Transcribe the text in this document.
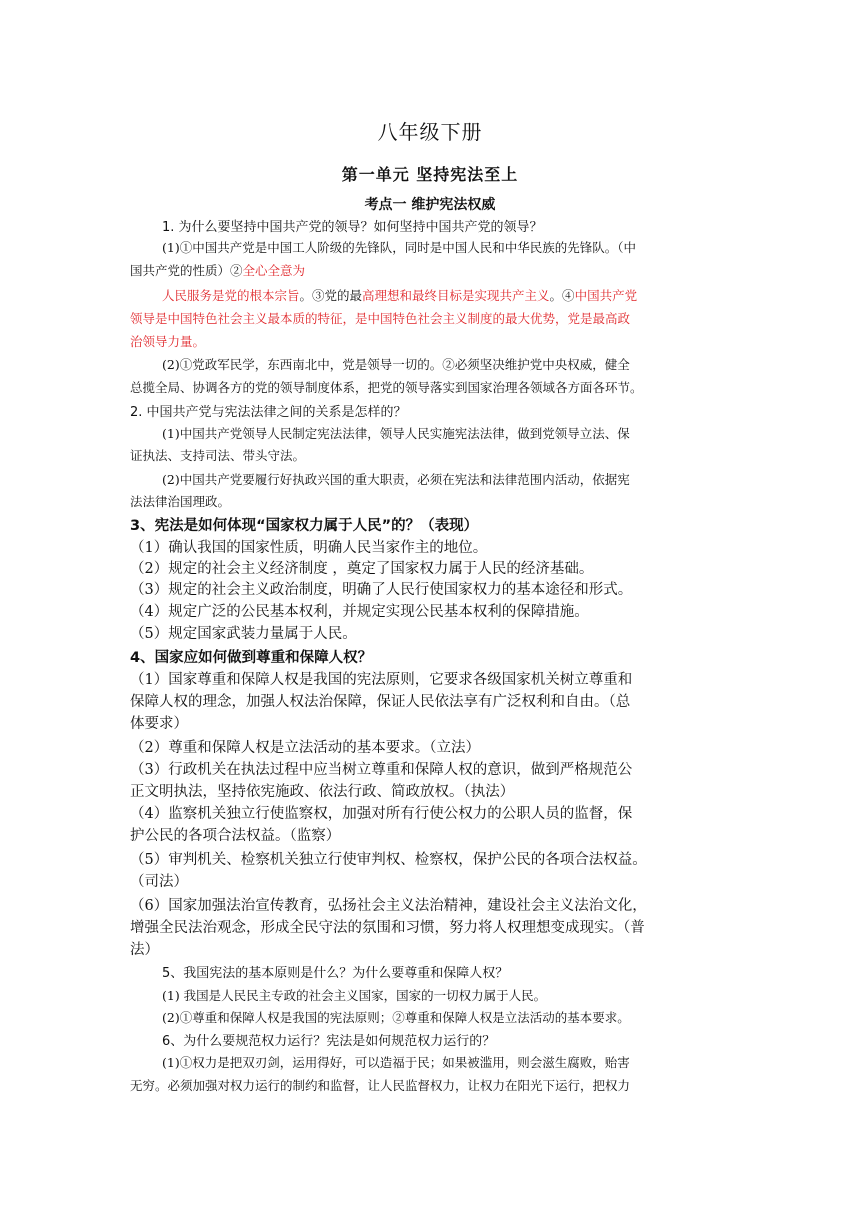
八年级下册
第一单元 坚持宪法至上
考点一 维护宪法权威
1. 为什么要坚持中国共产党的领导？如何坚持中国共产党的领导？
(1)①中国共产党是中国工人阶级的先锋队，同时是中国人民和中华民族的先锋队。（中
国共产党的性质）②全心全意为
人民服务是党的根本宗旨。③党的最高理想和最终目标是实现共产主义。④中国共产党
领导是中国特色社会主义最本质的特征，是中国特色社会主义制度的最大优势，党是最高政
治领导力量。
(2)①党政军民学，东西南北中，党是领导一切的。②必须坚决维护党中央权威，健全
总揽全局、协调各方的党的领导制度体系，把党的领导落实到国家治理各领域各方面各环节。
2. 中国共产党与宪法法律之间的关系是怎样的？
(1)中国共产党领导人民制定宪法法律，领导人民实施宪法法律，做到党领导立法、保
证执法、支持司法、带头守法。
(2)中国共产党要履行好执政兴国的重大职责，必须在宪法和法律范围内活动，依据宪
法法律治国理政。
3、宪法是如何体现“国家权力属于人民”的？（表现）
（1）确认我国的国家性质，明确人民当家作主的地位。
（2）规定的社会主义经济制度 ，奠定了国家权力属于人民的经济基础。
（3）规定的社会主义政治制度，明确了人民行使国家权力的基本途径和形式。
（4）规定广泛的公民基本权利，并规定实现公民基本权利的保障措施。
（5）规定国家武装力量属于人民。
4、国家应如何做到尊重和保障人权？
（1）国家尊重和保障人权是我国的宪法原则，它要求各级国家机关树立尊重和
保障人权的理念，加强人权法治保障，保证人民依法享有广泛权利和自由。（总
体要求）
（2）尊重和保障人权是立法活动的基本要求。（立法）
（3）行政机关在执法过程中应当树立尊重和保障人权的意识，做到严格规范公
正文明执法，坚持依宪施政、依法行政、简政放权。（执法）
（4）监察机关独立行使监察权，加强对所有行使公权力的公职人员的监督，保
护公民的各项合法权益。（监察）
（5）审判机关、检察机关独立行使审判权、检察权，保护公民的各项合法权益。
（司法）
（6）国家加强法治宣传教育，弘扬社会主义法治精神，建设社会主义法治文化，
增强全民法治观念，形成全民守法的氛围和习惯，努力将人权理想变成现实。（普
法）
5、我国宪法的基本原则是什么？为什么要尊重和保障人权？
(1) 我国是人民民主专政的社会主义国家，国家的一切权力属于人民。
(2)①尊重和保障人权是我国的宪法原则；②尊重和保障人权是立法活动的基本要求。
6、为什么要规范权力运行？宪法是如何规范权力运行的？
(1)①权力是把双刃剑，运用得好，可以造福于民；如果被滥用，则会滋生腐败，贻害
无穷。必须加强对权力运行的制约和监督，让人民监督权力，让权力在阳光下运行，把权力
